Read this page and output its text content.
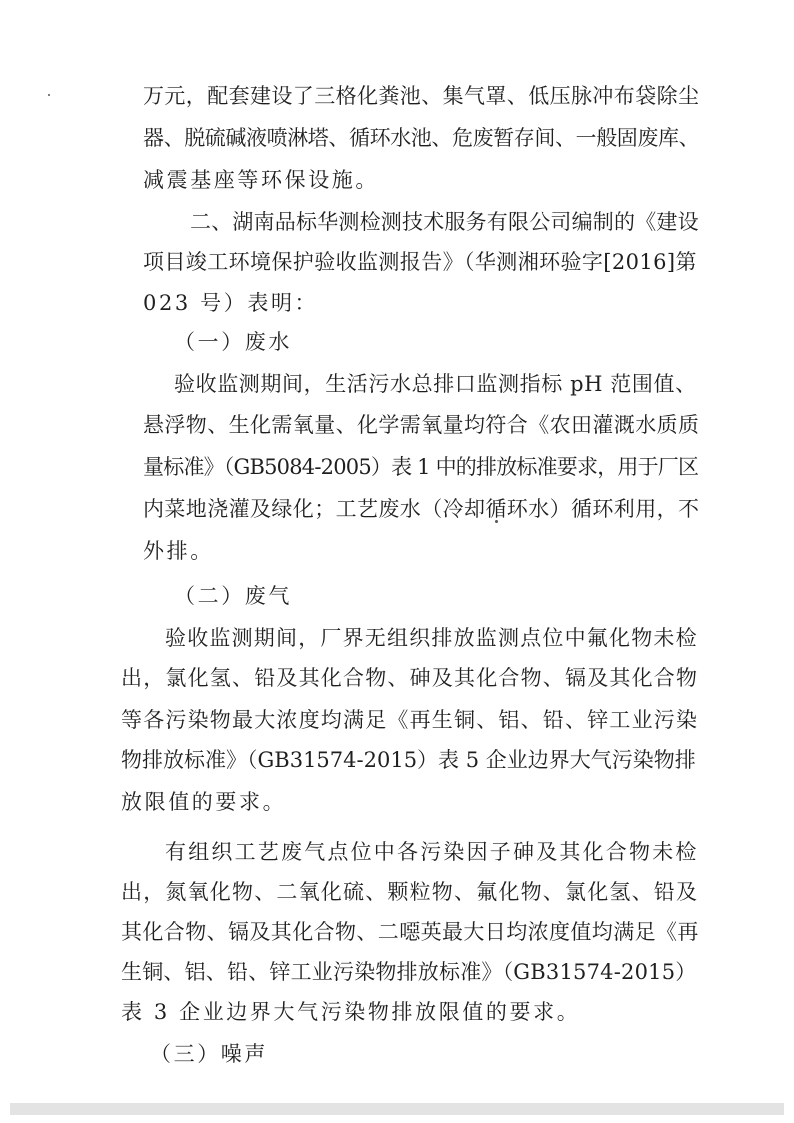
万元，配套建设了三格化粪池、集气罩、低压脉冲布袋除尘
器、脱硫碱液喷淋塔、循环水池、危废暂存间、一般固废库、
减震基座等环保设施。
二、湖南品标华测检测技术服务有限公司编制的《建设
项目竣工环境保护验收监测报告》（华测湘环验字[2016]第
023 号）表明：
（一）废水
验收监测期间，生活污水总排口监测指标 pH 范围值、
悬浮物、生化需氧量、化学需氧量均符合《农田灌溉水质质
量标准》（GB5084-2005）表 1 中的排放标准要求，用于厂区
内菜地浇灌及绿化；工艺废水（冷却循环水）循环利用，不
外排。
（二）废气
验收监测期间，厂界无组织排放监测点位中氟化物未检
出，氯化氢、铅及其化合物、砷及其化合物、镉及其化合物
等各污染物最大浓度均满足《再生铜、铝、铅、锌工业污染
物排放标准》（GB31574-2015）表 5 企业边界大气污染物排
放限值的要求。
有组织工艺废气点位中各污染因子砷及其化合物未检
出，氮氧化物、二氧化硫、颗粒物、氟化物、氯化氢、铅及
其化合物、镉及其化合物、二噁英最大日均浓度值均满足《再
生铜、铝、铅、锌工业污染物排放标准》（GB31574-2015）
表 3 企业边界大气污染物排放限值的要求。
（三）噪声
